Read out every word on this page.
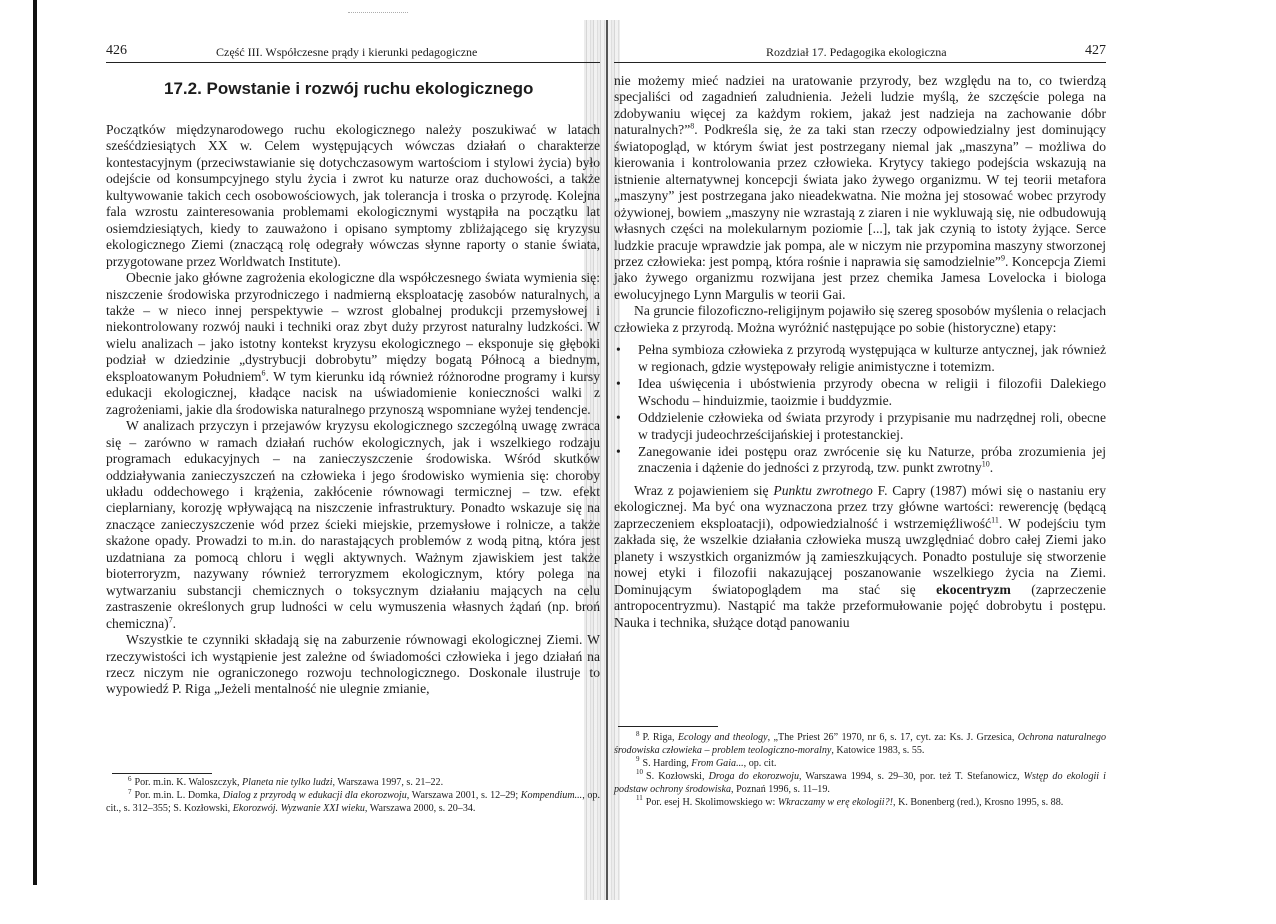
426	Część III. Współczesne prądy i kierunki pedagogiczne
17.2. Powstanie i rozwój ruchu ekologicznego

Początków międzynarodowego ruchu ekologicznego należy poszukiwać w latach sześćdziesiątych XX w. Celem występujących wówczas działań o charakterze kontestacyjnym (przeciwstawianie się dotychczasowym wartościom i stylowi życia) było odejście od konsumpcyjnego stylu życia i zwrot ku naturze oraz duchowości, a także kultywowanie takich cech osobowościowych, jak tolerancja i troska o przyrodę. Kolejna fala wzrostu zainteresowania problemami ekologicznymi wystąpiła na początku lat osiemdziesiątych, kiedy to zauważono i opisano symptomy zbliżającego się kryzysu ekologicznego Ziemi (znaczącą rolę odegrały wówczas słynne raporty o stanie świata, przygotowane przez Worldwatch Institute).

Obecnie jako główne zagrożenia ekologiczne dla współczesnego świata wymienia się: niszczenie środowiska przyrodniczego i nadmierną eksploatację zasobów naturalnych, a także – w nieco innej perspektywie – wzrost globalnej produkcji przemysłowej i niekontrolowany rozwój nauki i techniki oraz zbyt duży przyrost naturalny ludzkości. W wielu analizach – jako istotny kontekst kryzysu ekologicznego – eksponuje się głęboki podział w dziedzinie „dystrybucji dobrobytu” między bogatą Północą a biednym, eksploatowanym Południem$^6$. W tym kierunku idą również różnorodne programy i kursy edukacji ekologicznej, kładące nacisk na uświadomienie konieczności walki z zagrożeniami, jakie dla środowiska naturalnego przynoszą wspomniane wyżej tendencje.

W analizach przyczyn i przejawów kryzysu ekologicznego szczególną uwagę zwraca się – zarówno w ramach działań ruchów ekologicznych, jak i wszelkiego rodzaju programach edukacyjnych – na zanieczyszczenie środowiska. Wśród skutków oddziaływania zanieczyszczeń na człowieka i jego środowisko wymienia się: choroby układu oddechowego i krążenia, zakłócenie równowagi termicznej – tzw. efekt cieplarniany, korozję wpływającą na niszczenie infrastruktury. Ponadto wskazuje się na znaczące zanieczyszczenie wód przez ścieki miejskie, przemysłowe i rolnicze, a także skażone opady. Prowadzi to m.in. do narastających problemów z wodą pitną, która jest uzdatniana za pomocą chloru i węgli aktywnych. Ważnym zjawiskiem jest także bioterroryzm, nazywany również terroryzmem ekologicznym, który polega na wytwarzaniu substancji chemicznych o toksycznym działaniu mających na celu zastraszenie określonych grup ludności w celu wymuszenia własnych żądań (np. broń chemiczna)$^7$.

Wszystkie te czynniki składają się na zaburzenie równowagi ekologicznej Ziemi. W rzeczywistości ich wystąpienie jest zależne od świadomości człowieka i jego działań na rzecz niczym nie ograniczonego rozwoju technologicznego. Doskonale ilustruje to wypowiedź P. Riga „Jeżeli mentalność nie ulegnie zmianie,

$^6$ Por. m.in. K. Waloszczyk, Planeta nie tylko ludzi, Warszawa 1997, s. 21–22.

$^7$ Por. m.in. L. Domka, Dialog z przyrodą w edukacji dla ekorozwoju, Warszawa 2001, s. 12–29; Kompendium..., op. cit., s. 312–355; S. Kozłowski, Ekorozwój. Wyzwanie XXI wieku, Warszawa 2000, s. 20–34.

Rozdział 17. Pedagogika ekologiczna	427

nie możemy mieć nadziei na uratowanie przyrody, bez względu na to, co twierdzą specjaliści od zagadnień zaludnienia. Jeżeli ludzie myślą, że szczęście polega na zdobywaniu więcej za każdym rokiem, jakaż jest nadzieja na zachowanie dóbr naturalnych?”$^8$. Podkreśla się, że za taki stan rzeczy odpowiedzialny jest dominujący światopogląd, w którym świat jest postrzegany niemal jak „maszyna” – możliwa do kierowania i kontrolowania przez człowieka. Krytycy takiego podejścia wskazują na istnienie alternatywnej koncepcji świata jako żywego organizmu. W tej teorii metafora „maszyny” jest postrzegana jako nieadekwatna. Nie można jej stosować wobec przyrody ożywionej, bowiem „maszyny nie wzrastają z ziaren i nie wykluwają się, nie odbudowują własnych części na molekularnym poziomie [...], tak jak czynią to istoty żyjące. Serce ludzkie pracuje wprawdzie jak pompa, ale w niczym nie przypomina maszyny stworzonej przez człowieka: jest pompą, która rośnie i naprawia się samodzielnie”$^9$. Koncepcja Ziemi jako żywego organizmu rozwijana jest przez chemika Jamesa Lovelocka i biologa ewolucyjnego Lynn Margulis w teorii Gai.

Na gruncie filozoficzno-religijnym pojawiło się szereg sposobów myślenia o relacjach człowieka z przyrodą. Można wyróżnić następujące po sobie (historyczne) etapy:

• Pełna symbioza człowieka z przyrodą występująca w kulturze antycznej, jak również w regionach, gdzie występowały religie animistyczne i totemizm.
• Idea uświęcenia i ubóstwienia przyrody obecna w religii i filozofii Dalekiego Wschodu – hinduizmie, taoizmie i buddyzmie.
• Oddzielenie człowieka od świata przyrody i przypisanie mu nadrzędnej roli, obecne w tradycji judeochrześcijańskiej i protestanckiej.
• Zanegowanie idei postępu oraz zwrócenie się ku Naturze, próba zrozumienia jej znaczenia i dążenie do jedności z przyrodą, tzw. punkt zwrotny$^{10}$.

Wraz z pojawieniem się Punktu zwrotnego F. Capry (1987) mówi się o nastaniu ery ekologicznej. Ma być ona wyznaczona przez trzy główne wartości: rewerencję (będącą zaprzeczeniem eksploatacji), odpowiedzialność i wstrzemięźliwość$^{11}$. W podejściu tym zakłada się, że wszelkie działania człowieka muszą uwzględniać dobro całej Ziemi jako planety i wszystkich organizmów ją zamieszkujących. Ponadto postuluje się stworzenie nowej etyki i filozofii nakazującej poszanowanie wszelkiego życia na Ziemi. Dominującym światopoglądem ma stać się ekocentryzm (zaprzeczenie antropocentryzmu). Nastąpić ma także przeformułowanie pojęć dobrobytu i postępu. Nauka i technika, służące dotąd panowaniu

$^8$ P. Riga, Ecology and theology, „The Priest 26” 1970, nr 6, s. 17, cyt. za: Ks. J. Grzesica, Ochrona naturalnego środowiska człowieka – problem teologiczno-moralny, Katowice 1983, s. 55.

$^9$ S. Harding, From Gaia..., op. cit.

$^{10}$ S. Kozłowski, Droga do ekorozwoju, Warszawa 1994, s. 29–30, por. też T. Stefanowicz, Wstęp do ekologii i podstaw ochrony środowiska, Poznań 1996, s. 11–19.

$^{11}$ Por. esej H. Skolimowskiego w: Wkraczamy w erę ekologii?!, K. Bonenberg (red.), Krosno 1995, s. 88.
